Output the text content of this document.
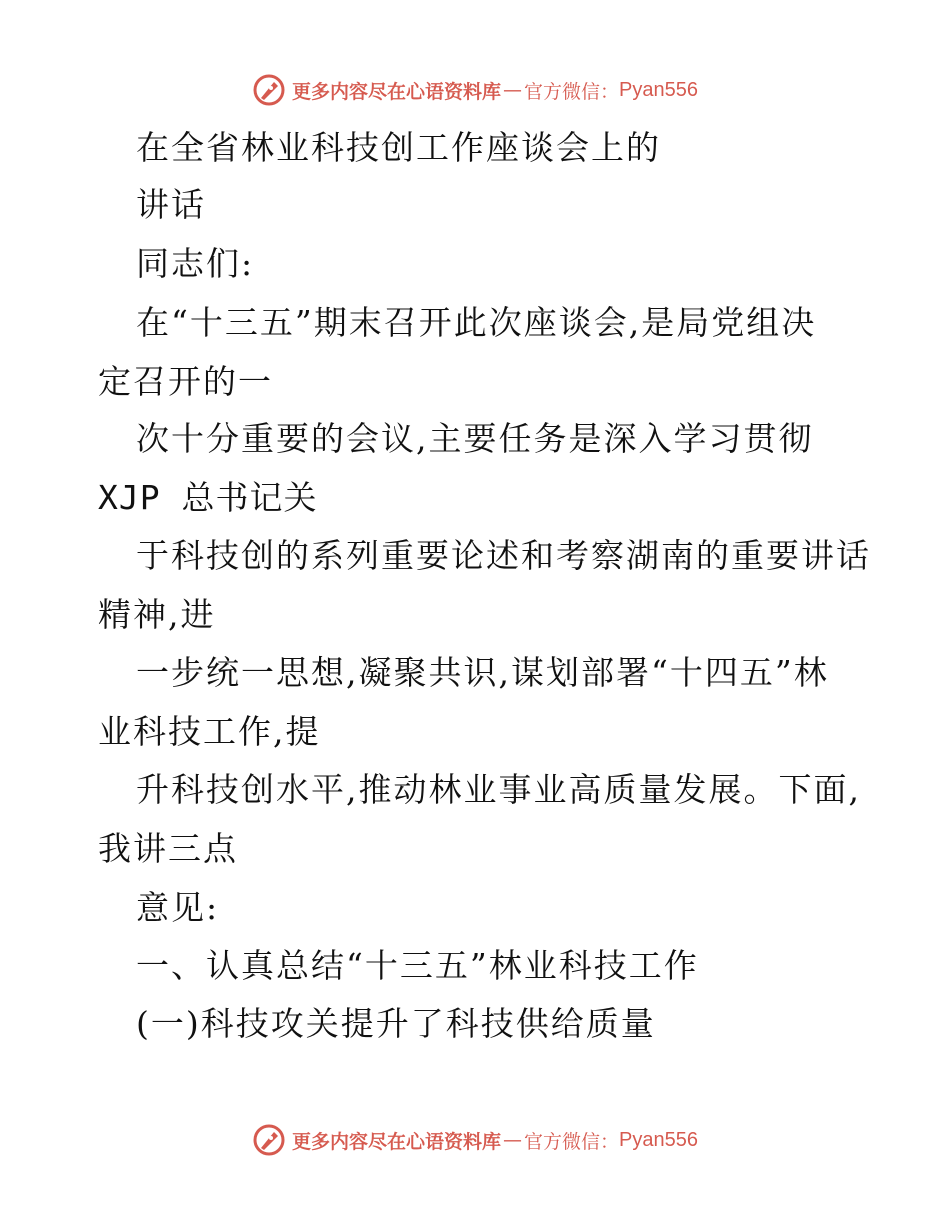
更多内容尽在心语资料库 — 官方微信： Pyan556
在全省林业科技创工作座谈会上的
讲话
同志们:
在“十三五”期末召开此次座谈会,是局党组决
定召开的一
次十分重要的会议,主要任务是深入学习贯彻
XJP 总书记关
于科技创的系列重要论述和考察湖南的重要讲话
精神,进
一步统一思想,凝聚共识,谋划部署“十四五”林
业科技工作,提
升科技创水平,推动林业事业高质量发展。下面,
我讲三点
意见:
一、认真总结“十三五”林业科技工作
(一)科技攻关提升了科技供给质量
更多内容尽在心语资料库 — 官方微信： Pyan556
